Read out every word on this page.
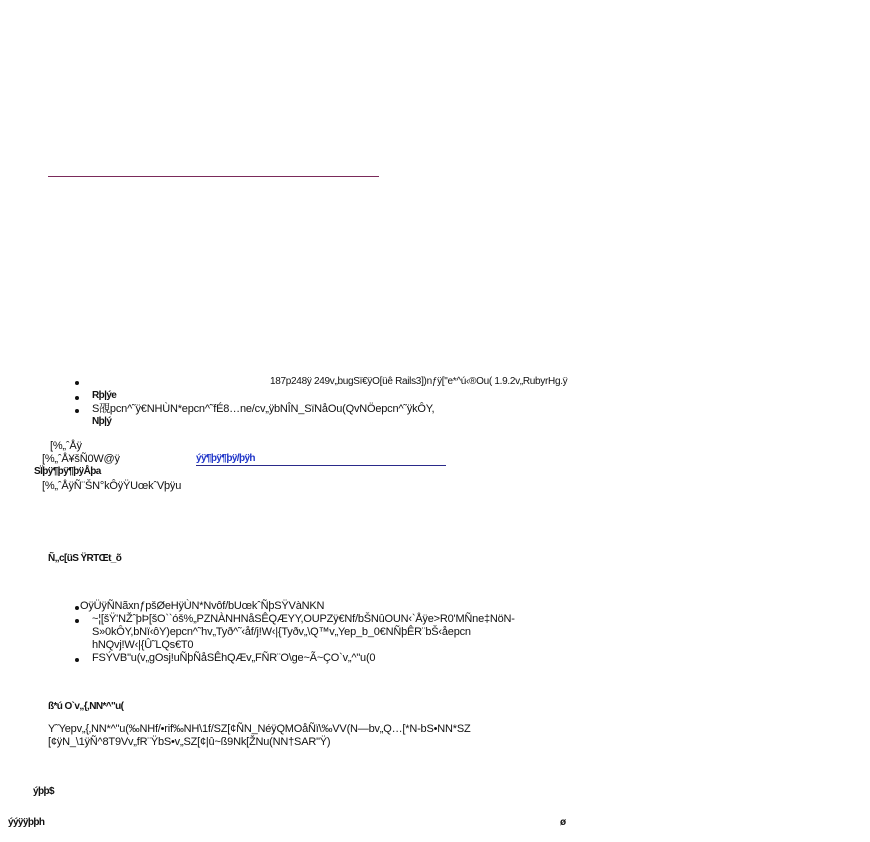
187p248ÿ 249v„bugSï€ÿO[üê Rails3])nƒÿ["e*^ú‹®Ou( 1.9.2v„RubyrHg.ÿ
Rþ|ýe
S䙼pcn^˜ÿ€NHÙN*epcn^˜fÉ8…ne/cv„ÿbNÎN_SïNåOu(QvNÖepcn^˜ÿkÔY,
Nþ|ý
[%„ˆÅÿ
[%„ˆÅ¥šÑ0W@ÿ	ýÿ¶þÿ¶þÿ/þÿh
SÏþÿ¶þÿ¶þÿÅþa
[%„ˆÅÿÑ¨ŠN°kÔÿŸUœkˆVþÿu
Ñ„c[üS ŸRTŒt_õ
OÿÜÿÑNãxnƒpšØeHÿÙN*Nvôf/bUœkˆÑþSŸVàNKN
~¦[šŸ'NŽˆþÞ[šO``óš%„PZNÀNHNåSÊQÆYY,OUPZÿ€Nf/bŠNûOUN‹`Åÿe>R0'MÑne‡NöN-
S»0kÔY,bNï‹ôY)epcn^˜hv„Tyð^˜‹åf/j!W‹|{Tyðv„\Q™v„Yep_b_0€NÑþÊR¨bŠ‹åepcn
hNQvj!W‹|{Û˜LQs€T0
FSÝVB"u(v„gOsj!uÑþÑåSÊhQÆv„FÑR¨O\ge~Ã~ÇO`v„^"u(0
ß*ú O`v„{‚NN*^"u(
Y˜Yepv„{‚NN*^"u(‰NHf/•rif‰NH\1f/SZ[¢ÑN_NéÿQMOåÑï\‰VV(N—bv„Q…[*N-bS•NN*SZ
[¢ÿN_\1ÿÑ^8T9Vv„fR¨ŸbS•v„SZ[¢|û~ß9Nk[ŽNu(NN†SAR"Ÿ)
ýþþ$
ýýÿÿþþh	ø
